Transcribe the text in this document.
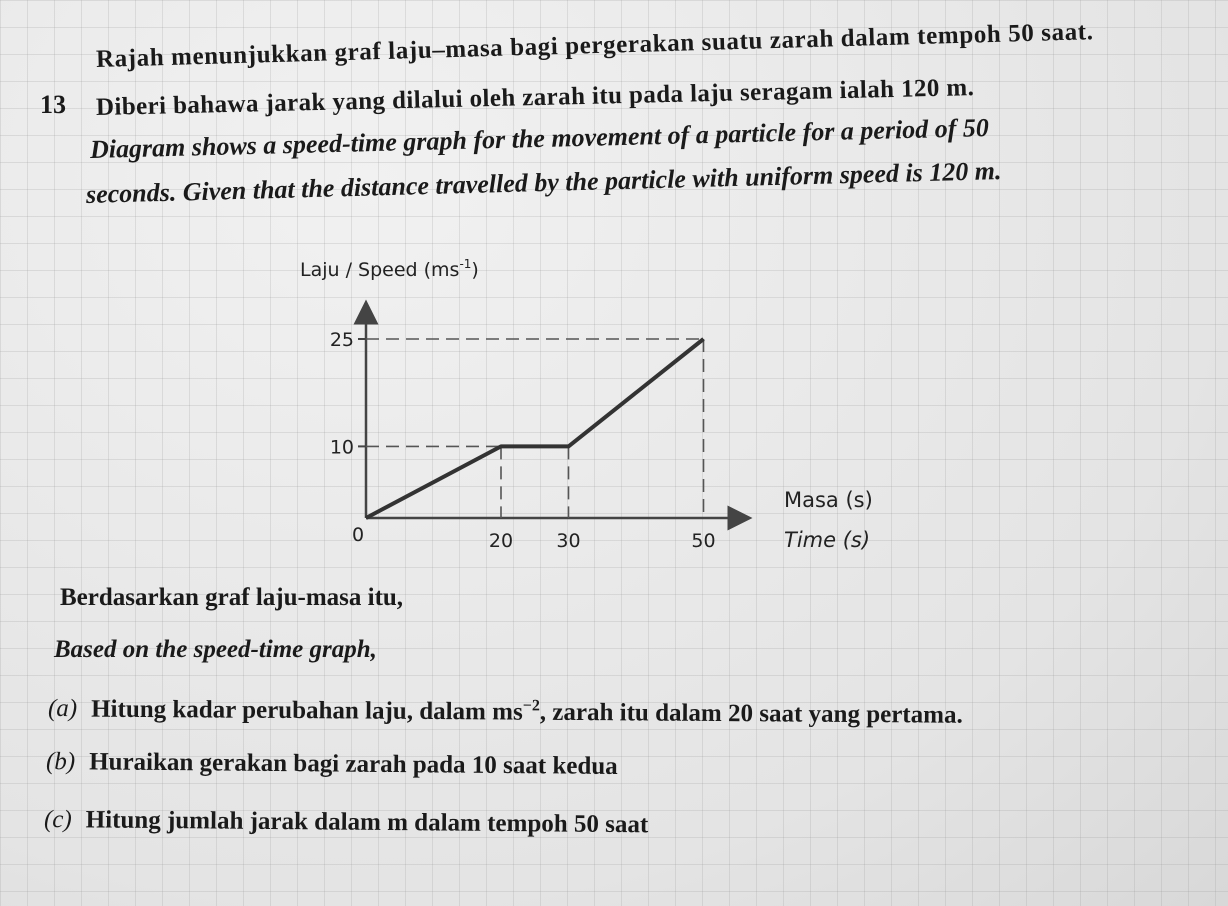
13
Rajah menunjukkan graf laju–masa bagi pergerakan suatu zarah dalam tempoh 50 saat.
Diberi bahawa jarak yang dilalui oleh zarah itu pada laju seragam ialah 120 m.
Diagram shows a speed-time graph for the movement of a particle for a period of 50
seconds. Given that the distance travelled by the particle with uniform speed is 120 m.
Laju / Speed $(ms^{-1})$
20 30	50
10
25
0
Masa (s)
Time (s)
Berdasarkan graf laju-masa itu,
Based on the speed-time graph,
(a) Hitung kadar perubahan laju, dalam $ms^{-2}$, zarah itu dalam 20 saat yang pertama.
(b) Huraikan gerakan bagi zarah pada 10 saat kedua
(c) Hitung jumlah jarak dalam m dalam tempoh 50 saat
